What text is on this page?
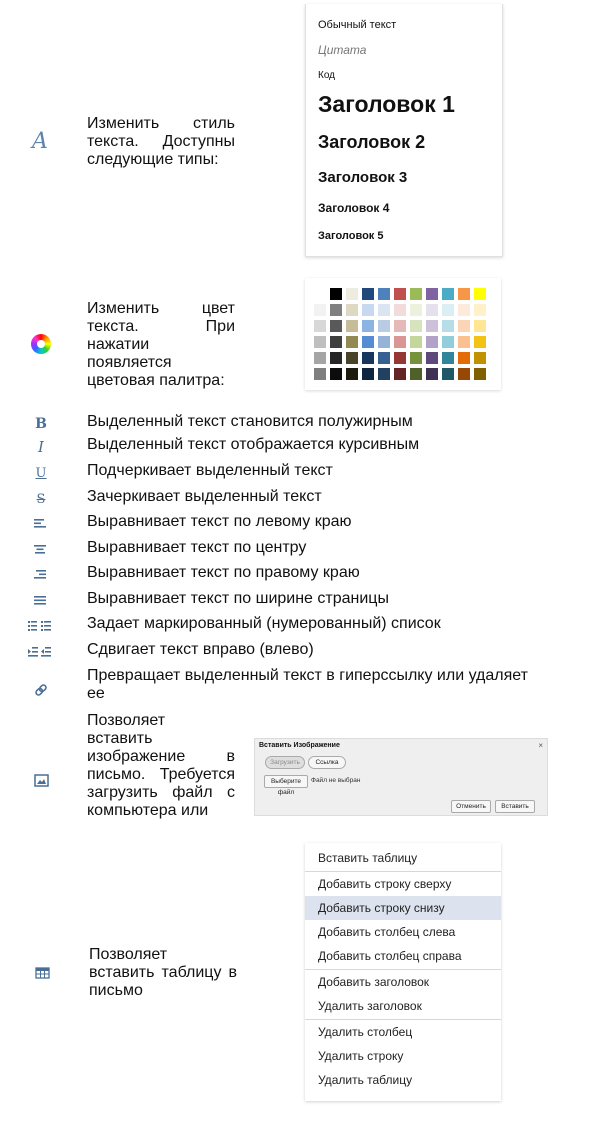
A
Изменить стиль текста. Доступны следующие типы:
Обычный текст
Цитата
Код
Заголовок 1
Заголовок 2
Заголовок 3
Заголовок 4
Заголовок 5
Изменить цвет текста. При нажатии появляется цветовая палитра:
B	Выделенный текст становится полужирным
I	Выделенный текст отображается курсивным
U	Подчеркивает выделенный текст
S	Зачеркивает выделенный текст
Выравнивает текст по левому краю
Выравнивает текст по центру
Выравнивает текст по правому краю
Выравнивает текст по ширине страницы
Задает маркированный (нумерованный) список
Сдвигает текст вправо (влево)
Превращает выделенный текст в гиперссылку или удаляет
ее
Позволяет вставить изображение в письмо. Требуется загрузить файл с компьютера или
Вставить Изображение	×
Загрузить	Ссылка
Выберите файл
Файл не выбран
Отменить	Вставить
Позволяет вставить таблицу в письмо
Вставить таблицу
Добавить строку сверху
Добавить строку снизу
Добавить столбец слева
Добавить столбец справа
Добавить заголовок
Удалить заголовок
Удалить столбец
Удалить строку
Удалить таблицу
